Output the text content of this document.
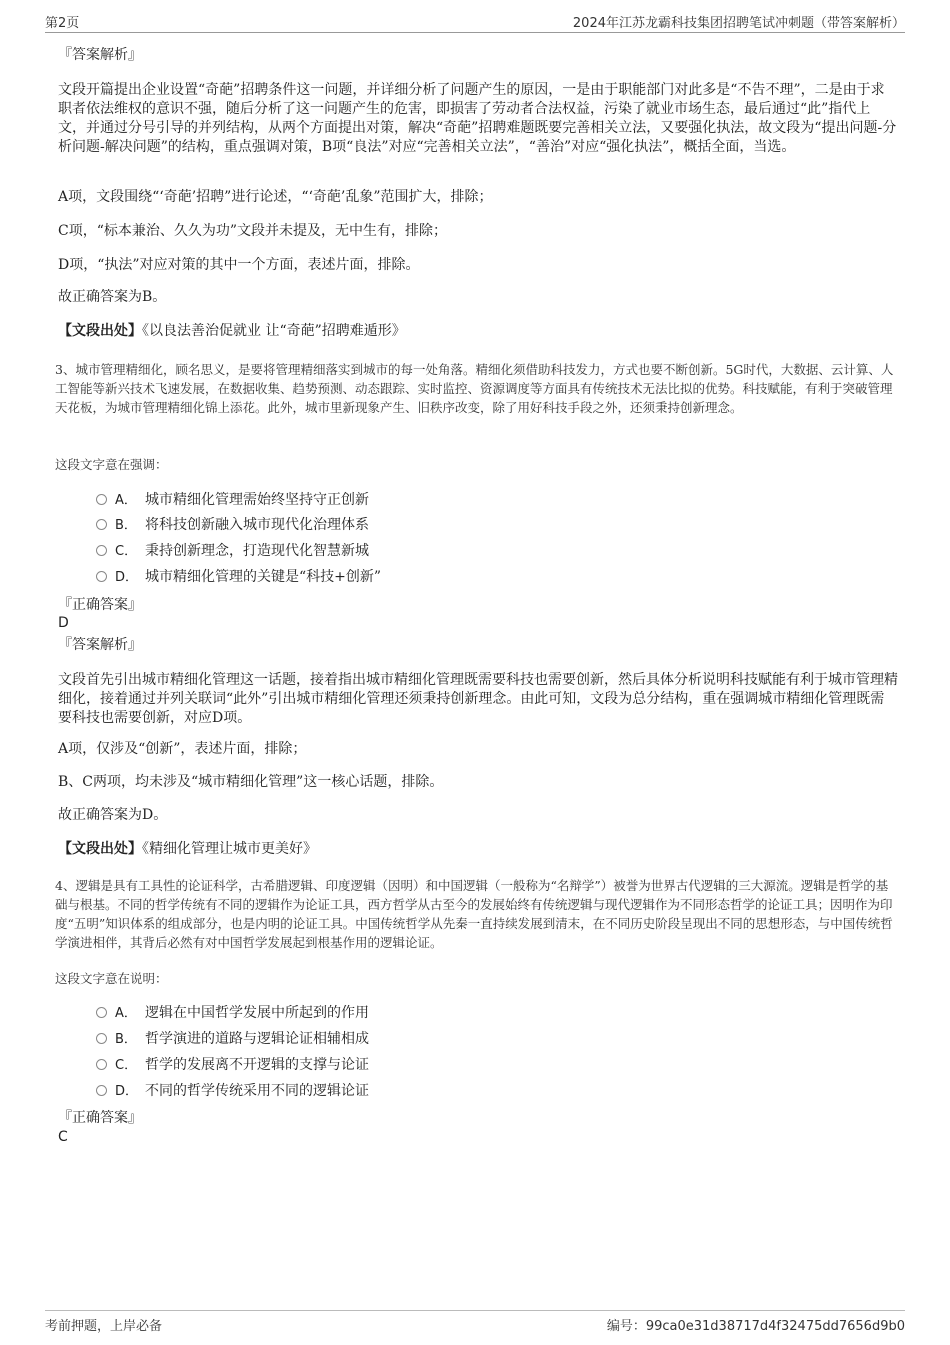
第2页	2024年江苏龙霸科技集团招聘笔试冲刺题（带答案解析）
『答案解析』
文段开篇提出企业设置“奇葩”招聘条件这一问题，并详细分析了问题产生的原因，一是由于职能部门对此多是“不告不理”，二是由于求职者依法维权的意识不强，随后分析了这一问题产生的危害，即损害了劳动者合法权益，污染了就业市场生态，最后通过“此”指代上文，并通过分号引导的并列结构，从两个方面提出对策，解决“奇葩”招聘难题既要完善相关立法，又要强化执法，故文段为“提出问题-分析问题-解决问题”的结构，重点强调对策，B项“良法”对应“完善相关立法”，“善治”对应“强化执法”，概括全面，当选。
A项，文段围绕“‘奇葩’招聘”进行论述，“‘奇葩’乱象”范围扩大，排除；
C项，“标本兼治、久久为功”文段并未提及，无中生有，排除；
D项，“执法”对应对策的其中一个方面，表述片面，排除。
故正确答案为B。
【文段出处】《以良法善治促就业 让“奇葩”招聘难遁形》
3、城市管理精细化，顾名思义，是要将管理精细落实到城市的每一处角落。精细化须借助科技发力，方式也要不断创新。5G时代，大数据、云计算、人工智能等新兴技术飞速发展，在数据收集、趋势预测、动态跟踪、实时监控、资源调度等方面具有传统技术无法比拟的优势。科技赋能，有利于突破管理天花板，为城市管理精细化锦上添花。此外，城市里新现象产生、旧秩序改变，除了用好科技手段之外，还须秉持创新理念。
这段文字意在强调：
A． 城市精细化管理需始终坚持守正创新
B． 将科技创新融入城市现代化治理体系
C． 秉持创新理念，打造现代化智慧新城
D． 城市精细化管理的关键是“科技+创新”
『正确答案』
D
『答案解析』
文段首先引出城市精细化管理这一话题，接着指出城市精细化管理既需要科技也需要创新，然后具体分析说明科技赋能有利于城市管理精细化，接着通过并列关联词“此外”引出城市精细化管理还须秉持创新理念。由此可知，文段为总分结构，重在强调城市精细化管理既需要科技也需要创新，对应D项。
A项，仅涉及“创新”，表述片面，排除；
B、C两项，均未涉及“城市精细化管理”这一核心话题，排除。
故正确答案为D。
【文段出处】《精细化管理让城市更美好》
4、逻辑是具有工具性的论证科学，古希腊逻辑、印度逻辑（因明）和中国逻辑（一般称为“名辩学”）被誉为世界古代逻辑的三大源流。逻辑是哲学的基础与根基。不同的哲学传统有不同的逻辑作为论证工具，西方哲学从古至今的发展始终有传统逻辑与现代逻辑作为不同形态哲学的论证工具；因明作为印度“五明”知识体系的组成部分，也是内明的论证工具。中国传统哲学从先秦一直持续发展到清末，在不同历史阶段呈现出不同的思想形态，与中国传统哲学演进相伴，其背后必然有对中国哲学发展起到根基作用的逻辑论证。
这段文字意在说明：
A． 逻辑在中国哲学发展中所起到的作用
B． 哲学演进的道路与逻辑论证相辅相成
C． 哲学的发展离不开逻辑的支撑与论证
D． 不同的哲学传统采用不同的逻辑论证
『正确答案』
C
考前押题，上岸必备	编号：99ca0e31d38717d4f32475dd7656d9b0
